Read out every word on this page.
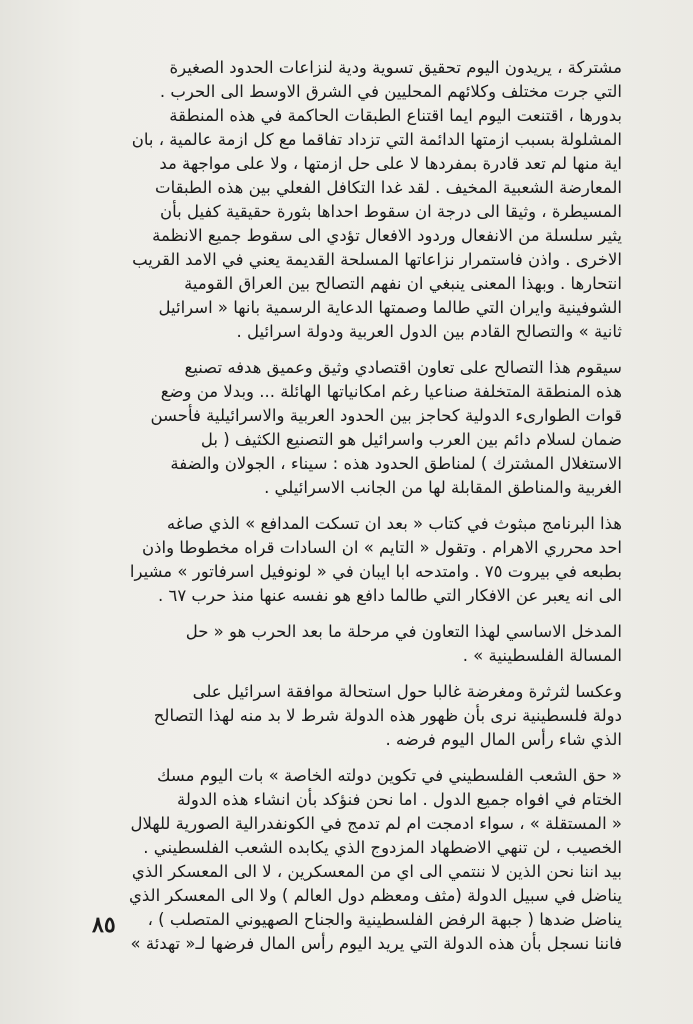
مشتركة ، يريدون اليوم تحقيق تسوية ودية لنزاعات الحدود الصغيرة
التي جرت مختلف وكلائهم المحليين في الشرق الاوسط الى الحرب .
بدورها ، اقتنعت اليوم ايما اقتناع الطبقات الحاكمة في هذه المنطقة
المشلولة بسبب ازمتها الدائمة التي تزداد تفاقما مع كل ازمة عالمية ، بان
اية منها لم تعد قادرة بمفردها لا على حل ازمتها ، ولا على مواجهة مد
المعارضة الشعبية المخيف . لقد غدا التكافل الفعلي بين هذه الطبقات
المسيطرة ، وثيقا الى درجة ان سقوط احداها بثورة حقيقية كفيل بأن
يثير سلسلة من الانفعال وردود الافعال تؤدي الى سقوط جميع الانظمة
الاخرى . واذن فاستمرار نزاعاتها المسلحة القديمة يعني في الامد القريب
انتحارها . وبهذا المعنى ينبغي ان نفهم التصالح بين العراق القومية
الشوفينية وايران التي طالما وصمتها الدعاية الرسمية بانها « اسرائيل
ثانية » والتصالح القادم بين الدول العربية ودولة اسرائيل .
سيقوم هذا التصالح على تعاون اقتصادي وثيق وعميق هدفه تصنيع
هذه المنطقة المتخلفة صناعيا رغم امكانياتها الهائلة ... وبدلا من وضع
قوات الطوارىء الدولية كحاجز بين الحدود العربية والاسرائيلية فأحسن
ضمان لسلام دائم بين العرب واسرائيل هو التصنيع الكثيف ( بل
الاستغلال المشترك ) لمناطق الحدود هذه : سيناء ، الجولان والضفة
الغربية والمناطق المقابلة لها من الجانب الاسرائيلي .
هذا البرنامج مبثوث في كتاب « بعد ان تسكت المدافع » الذي صاغه
احد محرري الاهرام . وتقول « التايم » ان السادات قراه مخطوطا واذن
بطبعه في بيروت ٧٥ . وامتدحه ابا ايبان في « لونوفيل اسرفاتور » مشيرا
الى انه يعبر عن الافكار التي طالما دافع هو نفسه عنها منذ حرب ٦٧ .
المدخل الاساسي لهذا التعاون في مرحلة ما بعد الحرب هو « حل
المسالة الفلسطينية » .
وعكسا لثرثرة ومغرضة غالبا حول استحالة موافقة اسرائيل على
دولة فلسطينية نرى بأن ظهور هذه الدولة شرط لا بد منه لهذا التصالح
الذي شاء رأس المال اليوم فرضه .
« حق الشعب الفلسطيني في تكوين دولته الخاصة » بات اليوم مسك
الختام في افواه جميع الدول . اما نحن فنؤكد بأن انشاء هذه الدولة
« المستقلة » ، سواء ادمجت ام لم تدمج في الكونفدرالية الصورية للهلال
الخصيب ، لن تنهي الاضطهاد المزدوج الذي يكابده الشعب الفلسطيني .
بيد اننا نحن الذين لا ننتمي الى اي من المعسكرين ، لا الى المعسكر الذي
يناضل في سبيل الدولة (مثف ومعظم دول العالم ) ولا الى المعسكر الذي
يناضل ضدها ( جبهة الرفض الفلسطينية والجناح الصهيوني المتصلب ) ،
فاننا نسجل بأن هذه الدولة التي يريد اليوم رأس المال فرضها لـ« تهدئة »
٨٥
